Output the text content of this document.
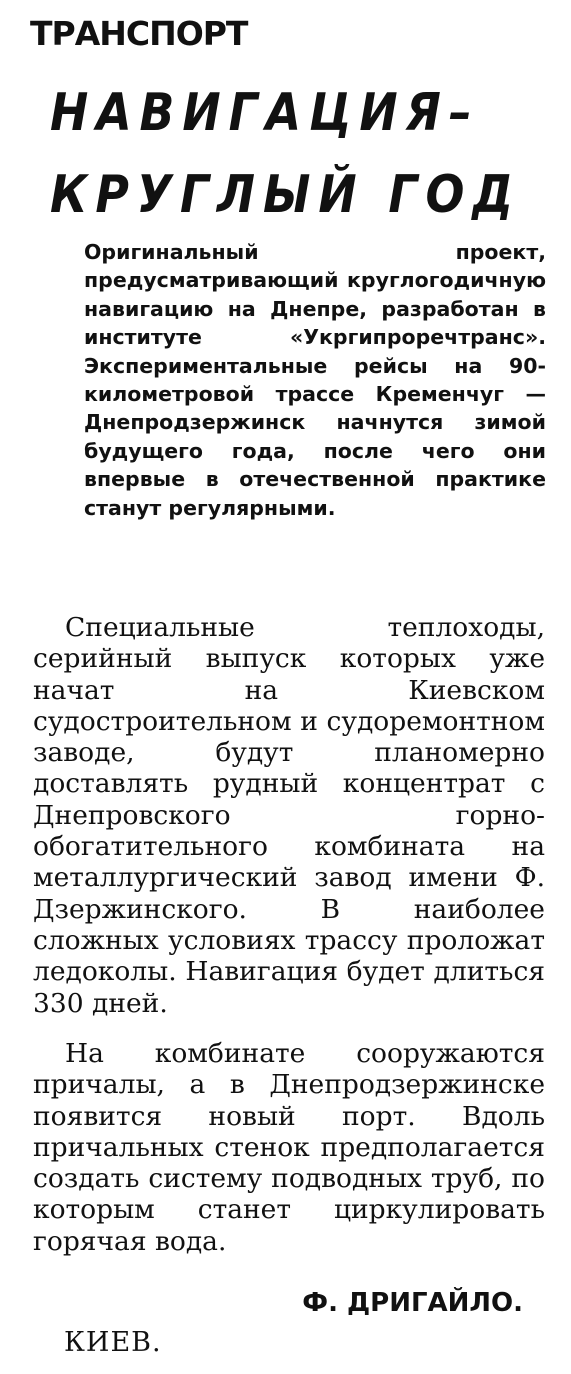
ТРАНСПОРТ
НАВИГАЦИЯ–
КРУГЛЫЙ ГОД

Оригинальный проект, предусматривающий круглогодичную навигацию на Днепре, разработан в институте «Укргипроречтранс». Экспериментальные рейсы на 90-километровой трассе Кременчуг — Днепродзержинск начнутся зимой будущего года, после чего они впервые в отечественной практике станут регулярными.

Специальные теплоходы, серийный выпуск которых уже начат на Киевском судостроительном и судоремонтном заводе, будут планомерно доставлять рудный концентрат с Днепровского горно-обогатительного комбината на металлургический завод имени Ф. Дзержинского. В наиболее сложных условиях трассу проложат ледоколы. Навигация будет длиться 330 дней.

На комбинате сооружаются причалы, а в Днепродзержинске появится новый порт. Вдоль причальных стенок предполагается создать систему подводных труб, по которым станет циркулировать горячая вода.

Ф. ДРИГАЙЛО.
КИЕВ.
